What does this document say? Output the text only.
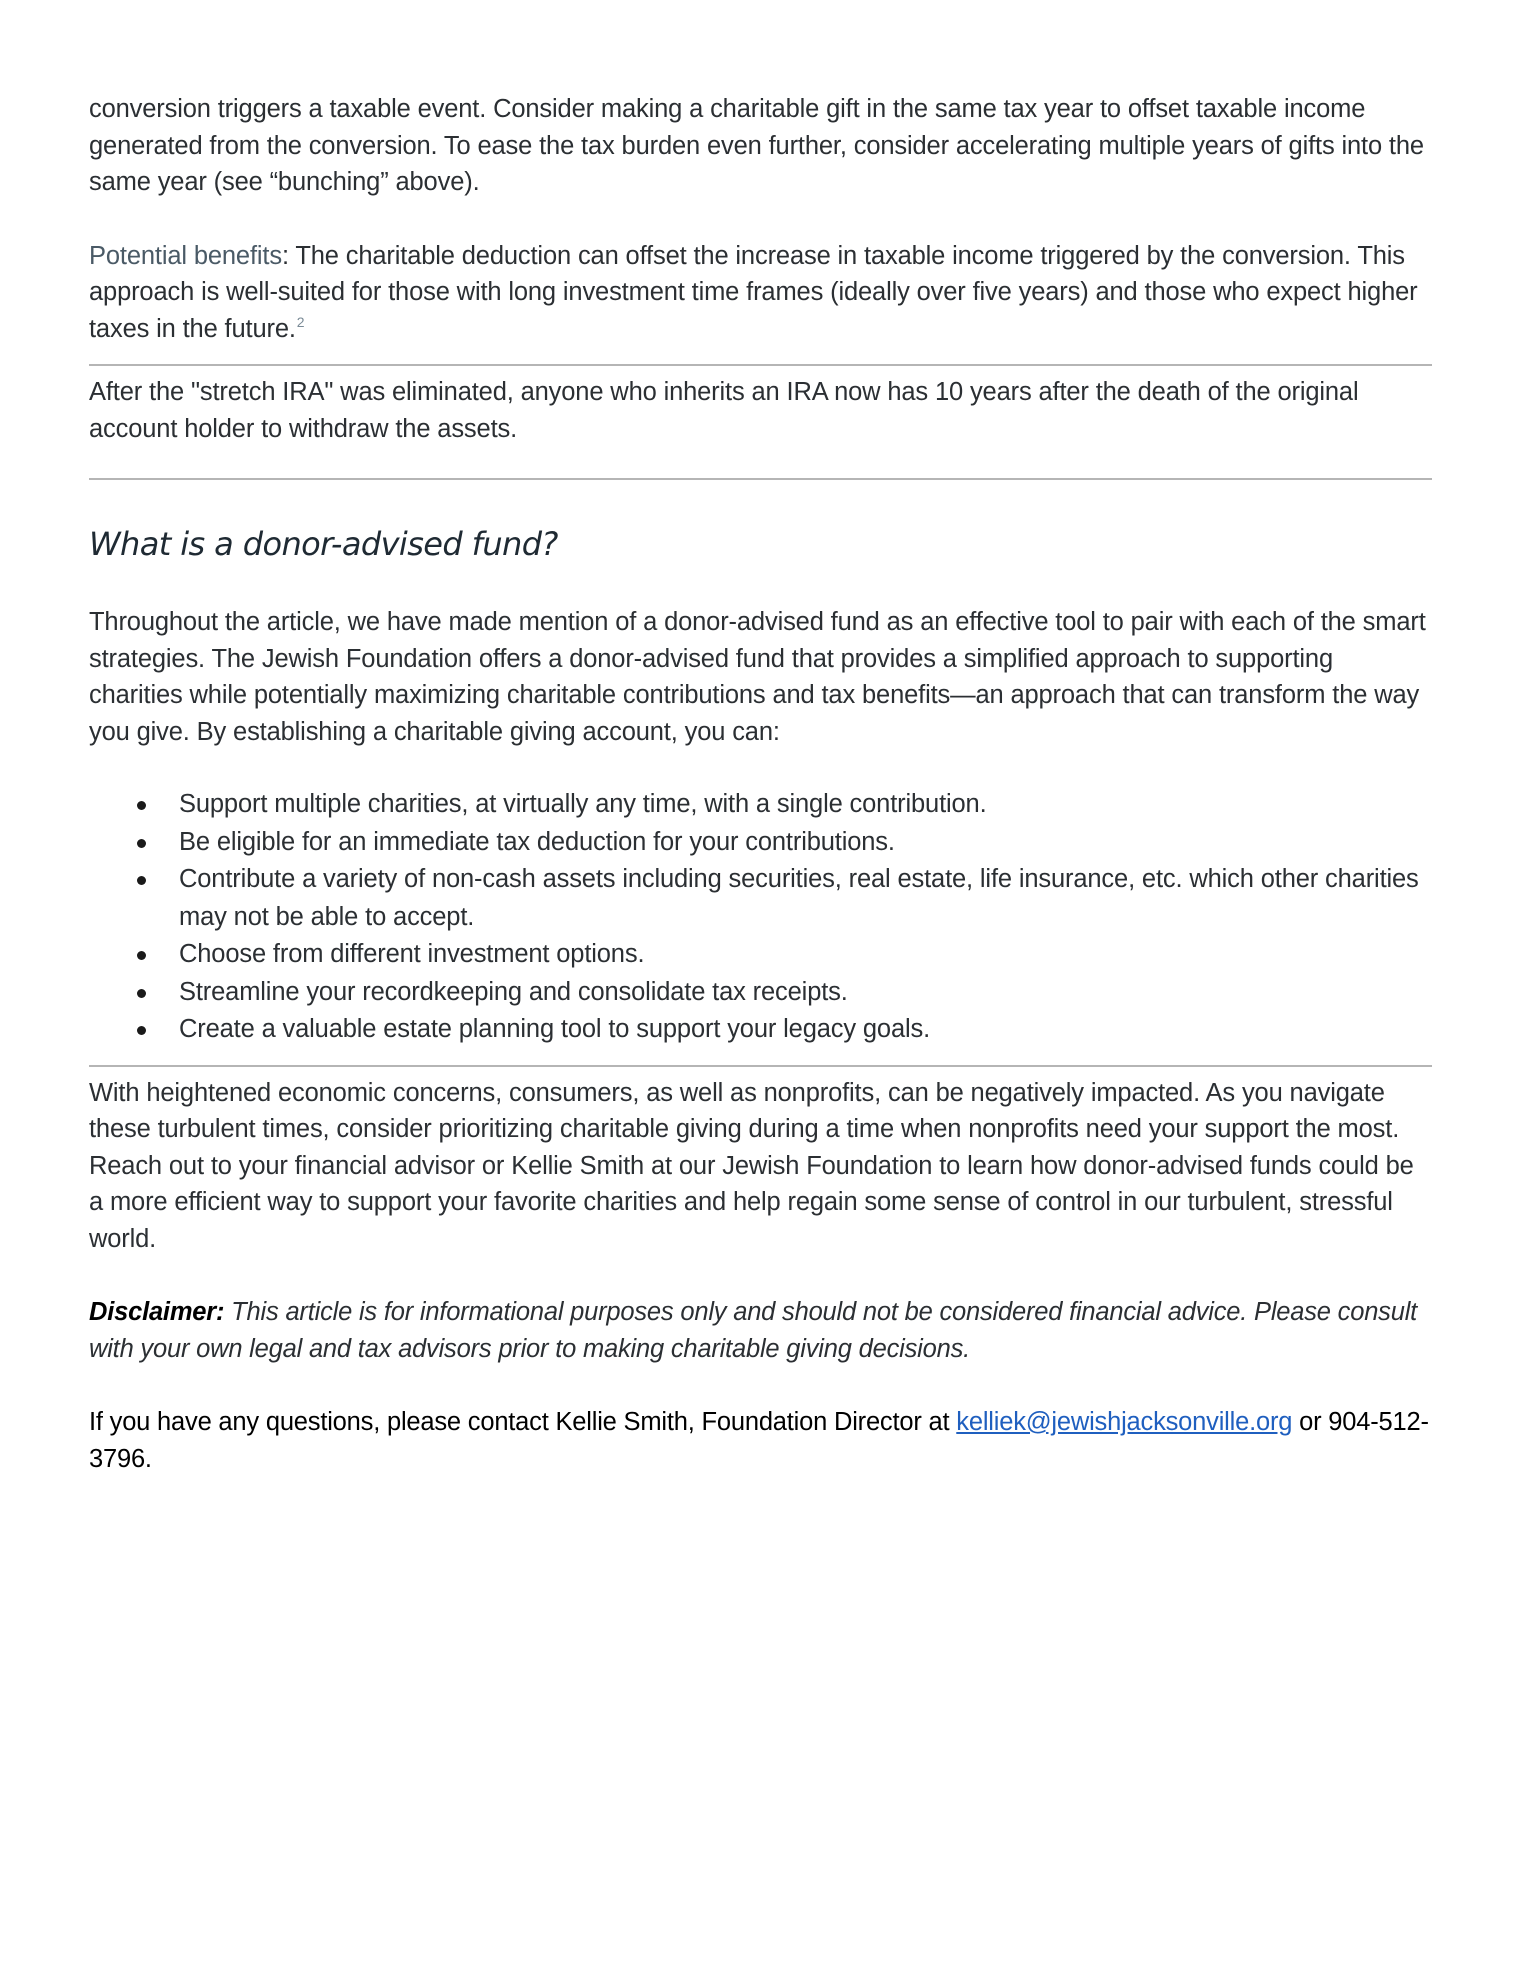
conversion triggers a taxable event. Consider making a charitable gift in the same tax year to offset taxable income generated from the conversion. To ease the tax burden even further, consider accelerating multiple years of gifts into the same year (see “bunching” above).

Potential benefits: The charitable deduction can offset the increase in taxable income triggered by the conversion. This approach is well-suited for those with long investment time frames (ideally over five years) and those who expect higher taxes in the future.$^2$

After the "stretch IRA" was eliminated, anyone who inherits an IRA now has 10 years after the death of the original account holder to withdraw the assets.

What is a donor-advised fund?

Throughout the article, we have made mention of a donor-advised fund as an effective tool to pair with each of the smart strategies. The Jewish Foundation offers a donor-advised fund that provides a simplified approach to supporting charities while potentially maximizing charitable contributions and tax benefits—an approach that can transform the way you give. By establishing a charitable giving account, you can:

Support multiple charities, at virtually any time, with a single contribution.
Be eligible for an immediate tax deduction for your contributions.
Contribute a variety of non-cash assets including securities, real estate, life insurance, etc. which other charities may not be able to accept.
Choose from different investment options.
Streamline your recordkeeping and consolidate tax receipts.
Create a valuable estate planning tool to support your legacy goals.

With heightened economic concerns, consumers, as well as nonprofits, can be negatively impacted. As you navigate these turbulent times, consider prioritizing charitable giving during a time when nonprofits need your support the most. Reach out to your financial advisor or Kellie Smith at our Jewish Foundation to learn how donor-advised funds could be a more efficient way to support your favorite charities and help regain some sense of control in our turbulent, stressful world.

Disclaimer: This article is for informational purposes only and should not be considered financial advice. Please consult with your own legal and tax advisors prior to making charitable giving decisions.

If you have any questions, please contact Kellie Smith, Foundation Director at kelliek@jewishjacksonville.org or 904-512-3796.
